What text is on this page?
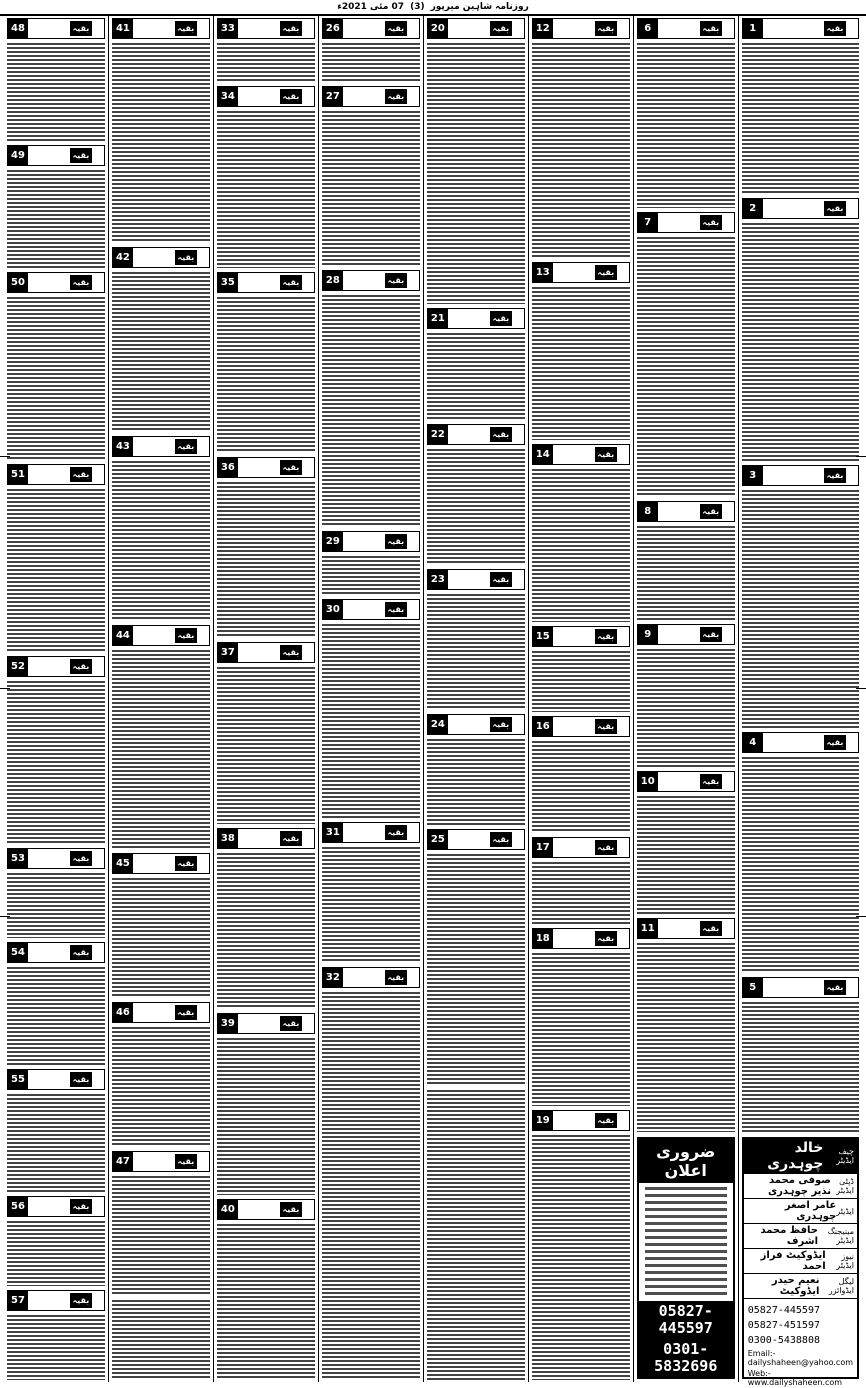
روزنامہ شاہین میرپور
(3)
07 مئی 2021ء
1	بقیہ
2	بقیہ
3	بقیہ
4	بقیہ
5	بقیہ
چیف ایڈیٹر
خالد چوہدری
ڈپٹی ایڈیٹر
صوفی محمد نذیر چوہدری
ایڈیٹر
عامر اصغر چوہدری
مینیجنگ ایڈیٹر
حافظ محمد اشرف
نیوز ایڈیٹر
ایڈوکیٹ فراز احمد
لیگل ایڈوائزر
نعیم حیدر ایڈوکیٹ
05827-445597
05827-451597
0300-5438808
Email:-dailyshaheen@yahoo.com
Web:-www.dailyshaheen.com
6	بقیہ
7	بقیہ
8	بقیہ
9	بقیہ
10	بقیہ
11	بقیہ
ضروری اعلان
05827-445597
0301-5832696
12	بقیہ
13	بقیہ
14	بقیہ
15	بقیہ
16	بقیہ
17	بقیہ
18	بقیہ
19	بقیہ
20	بقیہ
21	بقیہ
22	بقیہ
23	بقیہ
24	بقیہ
25	بقیہ
26	بقیہ
27	بقیہ
28	بقیہ
29	بقیہ
30	بقیہ
31	بقیہ
32	بقیہ
33	بقیہ
34	بقیہ
35	بقیہ
36	بقیہ
37	بقیہ
38	بقیہ
39	بقیہ
40	بقیہ
41	بقیہ
42	بقیہ
43	بقیہ
44	بقیہ
45	بقیہ
46	بقیہ
47	بقیہ
48	بقیہ
49	بقیہ
50	بقیہ
51	بقیہ
52	بقیہ
53	بقیہ
54	بقیہ
55	بقیہ
56	بقیہ
57	بقیہ
